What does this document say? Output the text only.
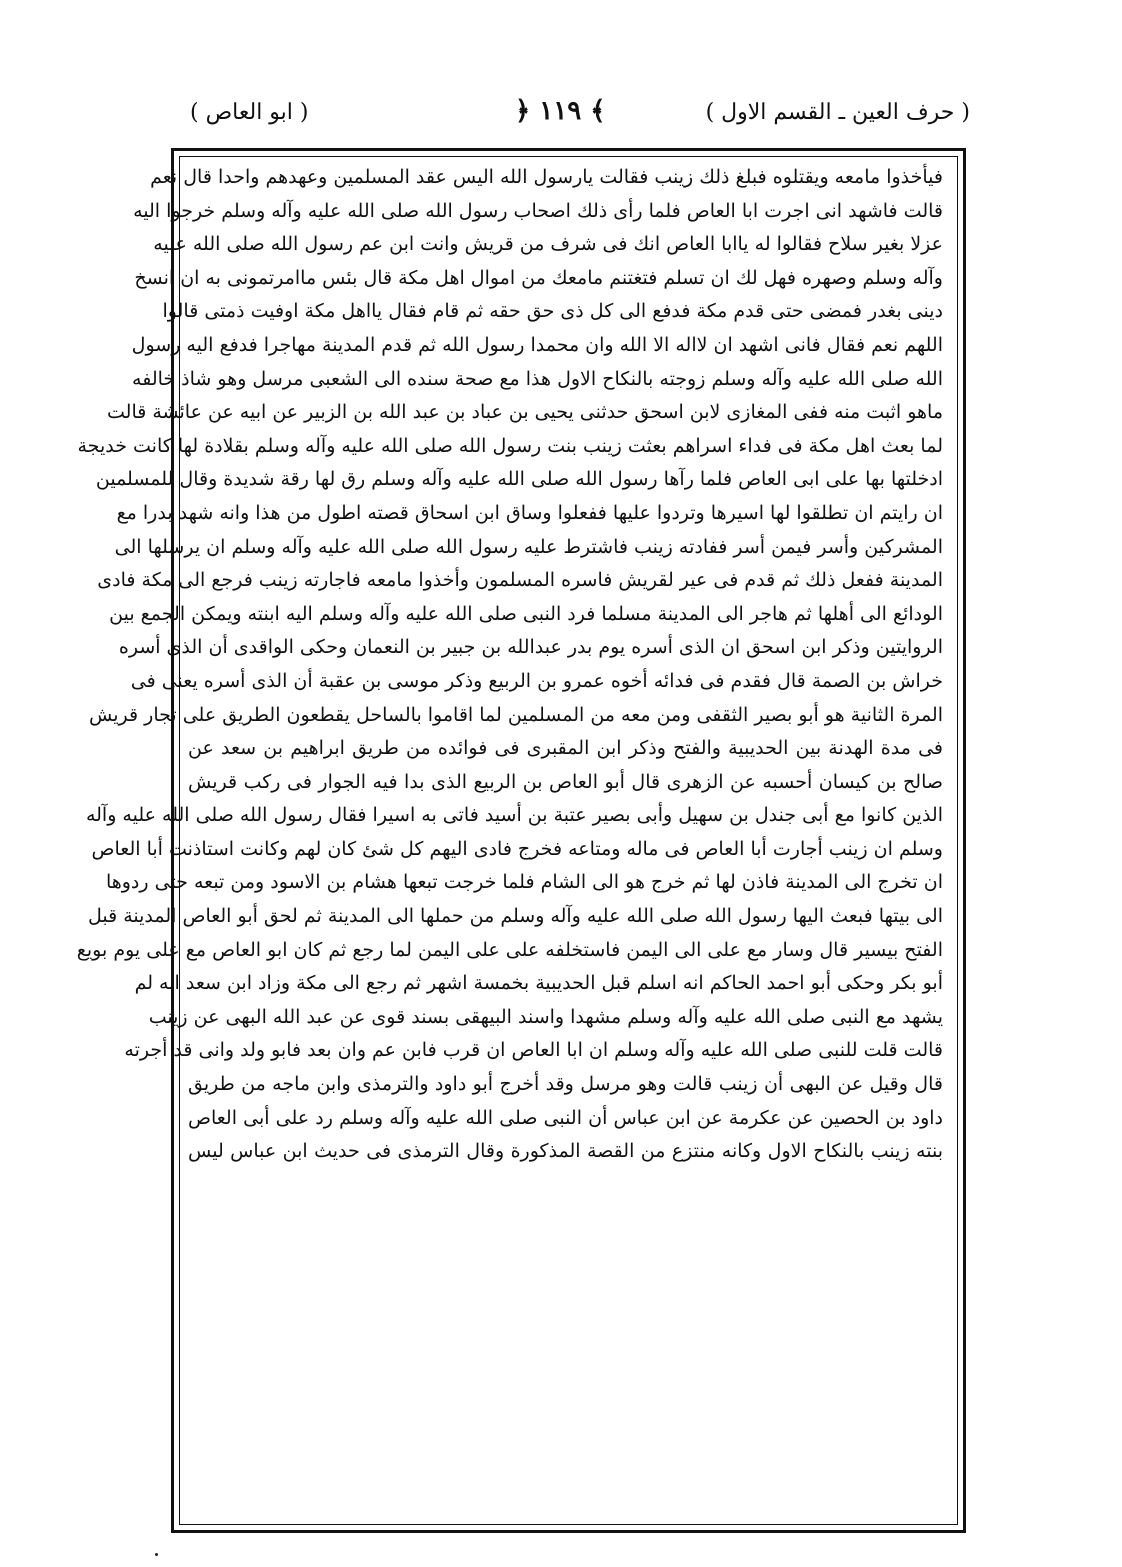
( حرف العين ـ القسم الاول )
﴿ ١١٩ ﴾
( ابو العاص )
فيأخذوا مامعه ويقتلوه فبلغ ذلك زينب فقالت يارسول الله اليس عقد المسلمين وعهدهم واحدا قال نعم
قالت فاشهد انى اجرت ابا العاص فلما رأى ذلك اصحاب رسول الله صلى الله عليه وآله وسلم خرجوا اليه
عزلا بغير سلاح فقالوا له ياابا العاص انك فى شرف من قريش وانت ابن عم رسول الله صلى الله عليه
وآله وسلم وصهره فهل لك ان تسلم فتغتنم مامعك من اموال اهل مكة قال بئس ماامرتمونى به ان انسخ
دينى بغدر فمضى حتى قدم مكة فدفع الى كل ذى حق حقه ثم قام فقال يااهل مكة اوفيت ذمتى قالوا
اللهم نعم فقال فانى اشهد ان لااله الا الله وان محمدا رسول الله ثم قدم المدينة مهاجرا فدفع اليه رسول
الله صلى الله عليه وآله وسلم زوجته بالنكاح الاول هذا مع صحة سنده الى الشعبى مرسل وهو شاذ خالفه
ماهو اثبت منه ففى المغازى لابن اسحق حدثنى يحيى بن عباد بن عبد الله بن الزبير عن ابيه عن عائشة قالت
لما بعث اهل مكة فى فداء اسراهم بعثت زينب بنت رسول الله صلى الله عليه وآله وسلم بقلادة لها كانت خديجة
ادخلتها بها على ابى العاص فلما رآها رسول الله صلى الله عليه وآله وسلم رق لها رقة شديدة وقال للمسلمين
ان رايتم ان تطلقوا لها اسيرها وتردوا عليها ففعلوا وساق ابن اسحاق قصته اطول من هذا وانه شهد بدرا مع
المشركين وأسر فيمن أسر ففادته زينب فاشترط عليه رسول الله صلى الله عليه وآله وسلم ان يرسلها الى
المدينة ففعل ذلك ثم قدم فى عير لقريش فاسره المسلمون وأخذوا مامعه فاجارته زينب فرجع الى مكة فادى
الودائع الى أهلها ثم هاجر الى المدينة مسلما فرد النبى صلى الله عليه وآله وسلم اليه ابنته ويمكن الجمع بين
الروايتين وذكر ابن اسحق ان الذى أسره يوم بدر عبدالله بن جبير بن النعمان وحكى الواقدى أن الذى أسره
خراش بن الصمة قال فقدم فى فدائه أخوه عمرو بن الربيع وذكر موسى بن عقبة أن الذى أسره يعنى فى
المرة الثانية هو أبو بصير الثقفى ومن معه من المسلمين لما اقاموا بالساحل يقطعون الطريق على تجار قريش
فى مدة الهدنة بين الحديبية والفتح وذكر ابن المقبرى فى فوائده من طريق ابراهيم بن سعد عن
صالح بن كيسان أحسبه عن الزهرى قال أبو العاص بن الربيع الذى بدا فيه الجوار فى ركب قريش
الذين كانوا مع أبى جندل بن سهيل وأبى بصير عتبة بن أسيد فاتى به اسيرا فقال رسول الله صلى الله عليه وآله
وسلم ان زينب أجارت أبا العاص فى ماله ومتاعه فخرج فادى اليهم كل شئ كان لهم وكانت استاذنت أبا العاص
ان تخرج الى المدينة فاذن لها ثم خرج هو الى الشام فلما خرجت تبعها هشام بن الاسود ومن تبعه حتى ردوها
الى بيتها فبعث اليها رسول الله صلى الله عليه وآله وسلم من حملها الى المدينة ثم لحق أبو العاص المدينة قبل
الفتح بيسير قال وسار مع على الى اليمن فاستخلفه على على اليمن لما رجع ثم كان ابو العاص مع على يوم بويع
أبو بكر وحكى أبو احمد الحاكم انه اسلم قبل الحديبية بخمسة اشهر ثم رجع الى مكة وزاد ابن سعد انه لم
يشهد مع النبى صلى الله عليه وآله وسلم مشهدا واسند البيهقى بسند قوى عن عبد الله البهى عن زينب
قالت قلت للنبى صلى الله عليه وآله وسلم ان ابا العاص ان قرب فابن عم وان بعد فابو ولد وانى قد أجرته
قال وقيل عن البهى أن زينب قالت وهو مرسل وقد أخرج أبو داود والترمذى وابن ماجه من طريق
داود بن الحصين عن عكرمة عن ابن عباس أن النبى صلى الله عليه وآله وسلم رد على أبى العاص
بنته زينب بالنكاح الاول وكانه منتزع من القصة المذكورة وقال الترمذى فى حديث ابن عباس ليس
